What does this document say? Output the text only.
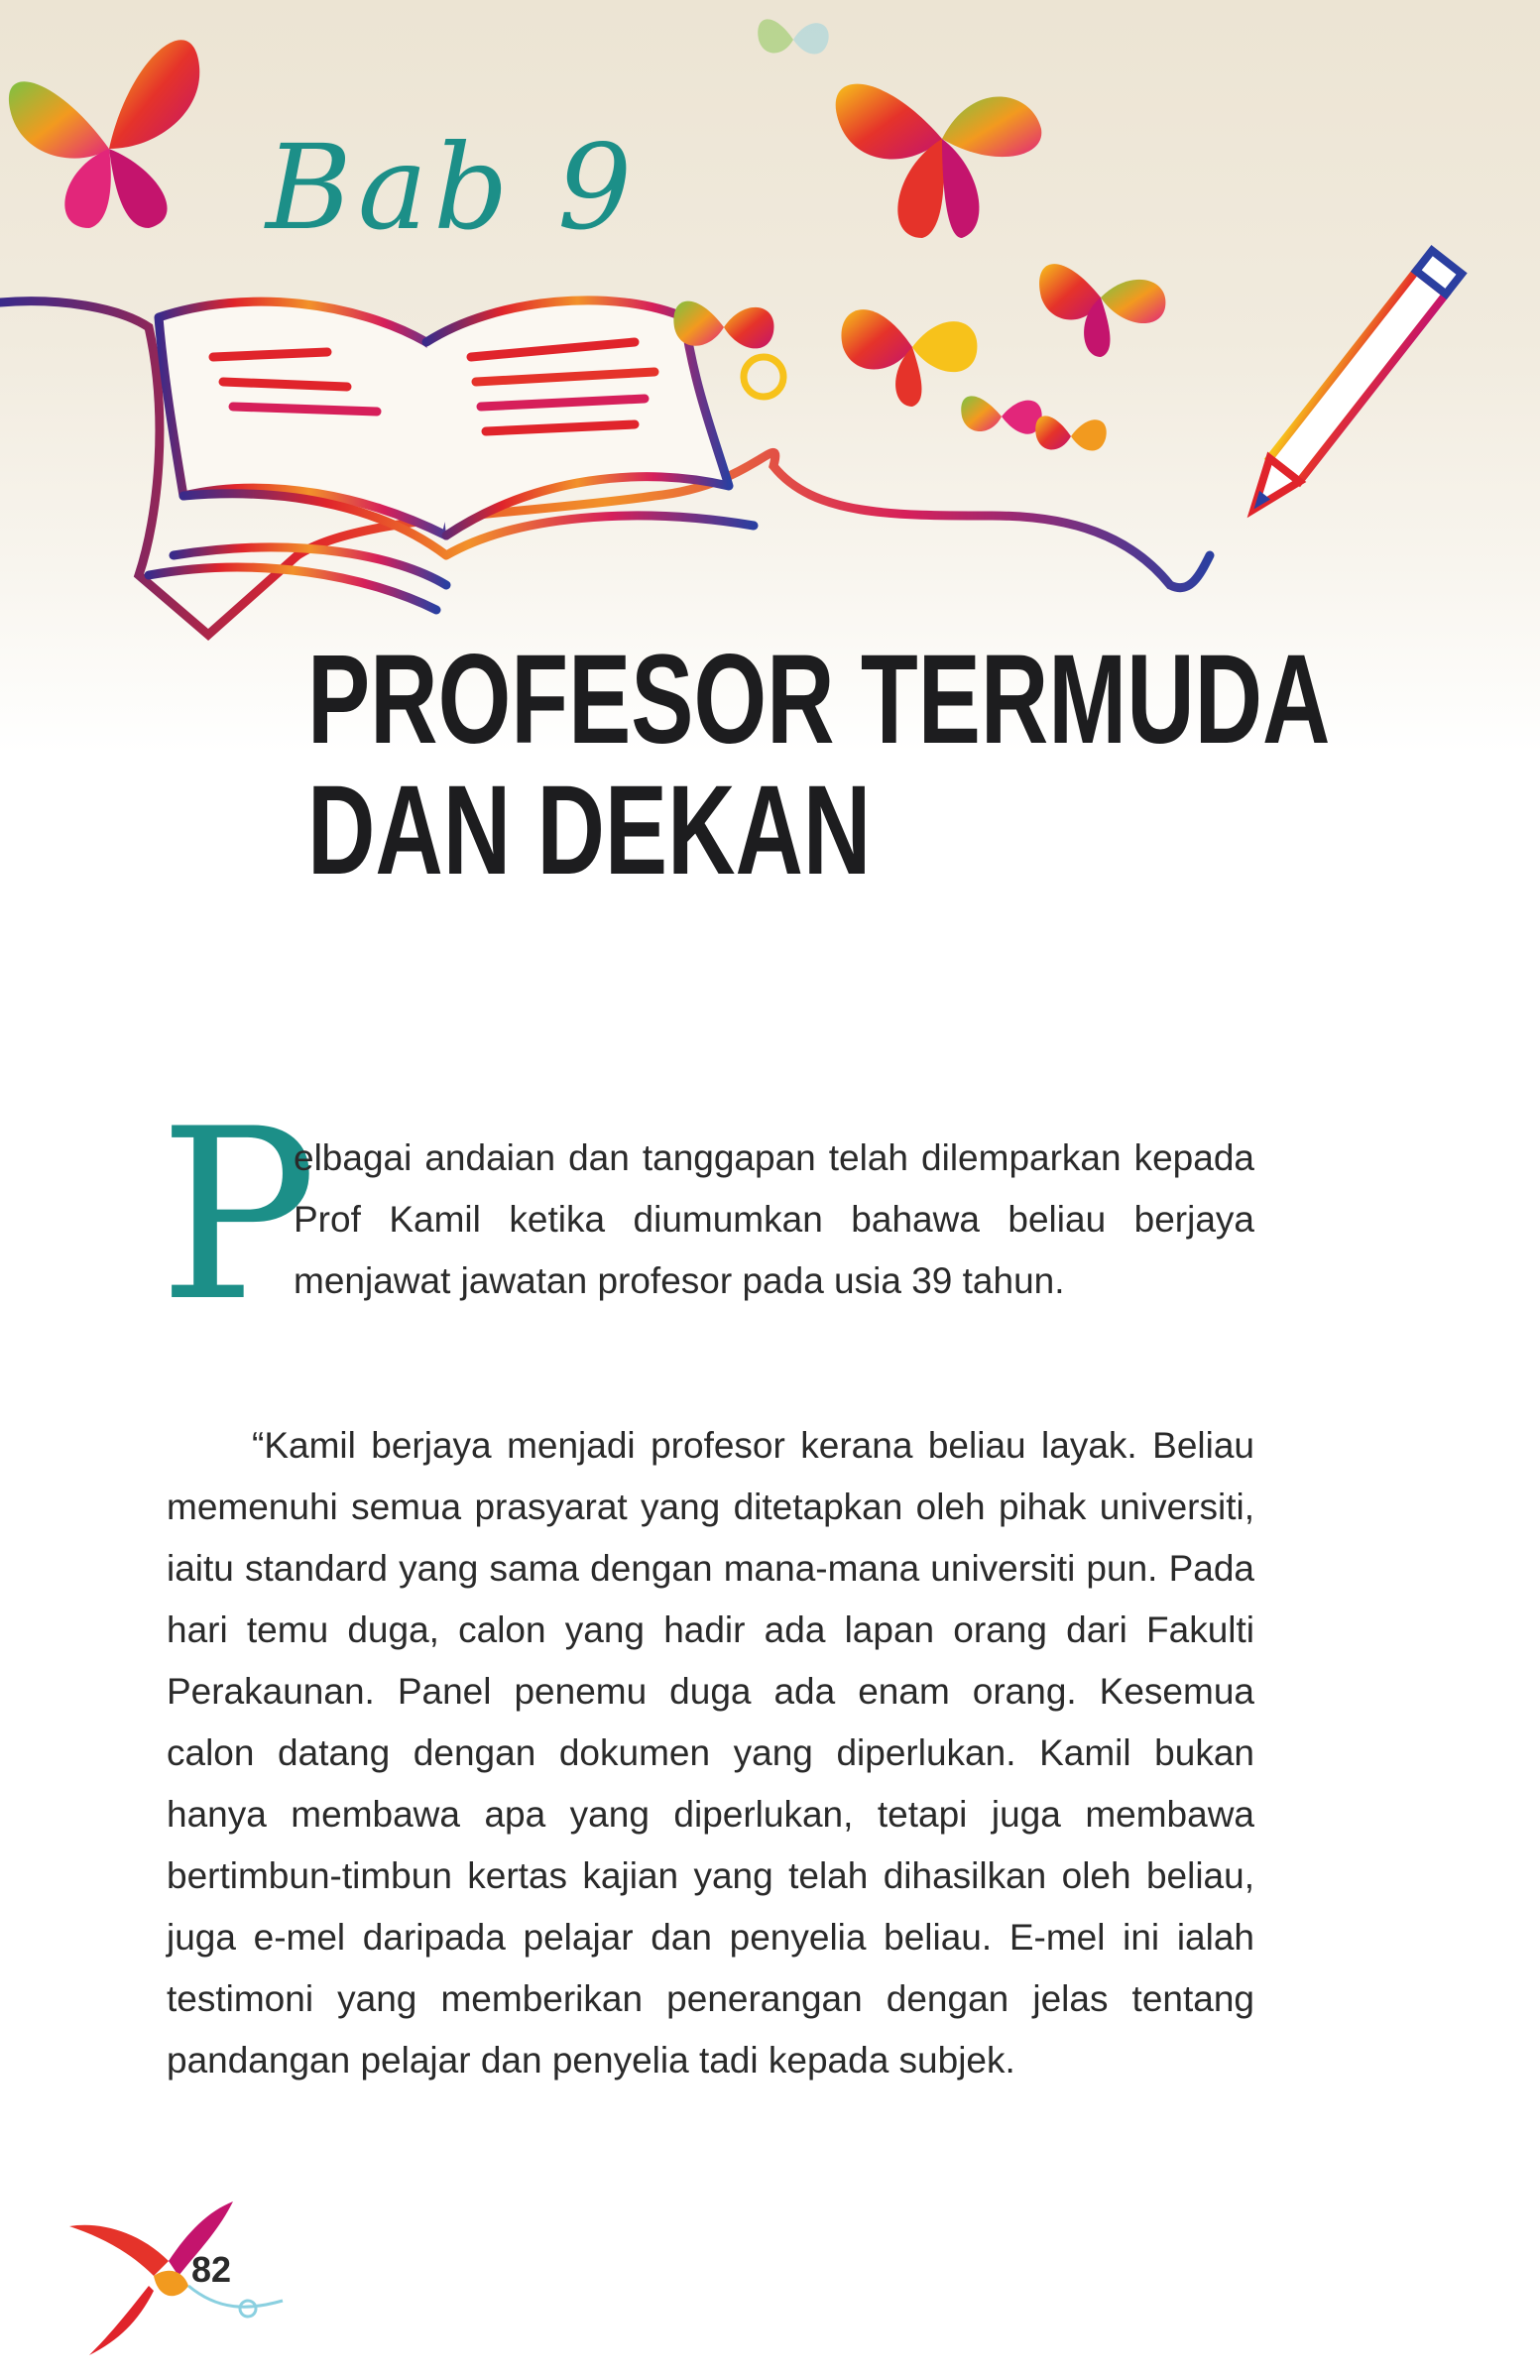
Bab 9
PROFESOR TERMUDA
DAN DEKAN
P
elbagai andaian dan tanggapan telah dilemparkan kepada Prof Kamil ketika diumumkan bahawa beliau berjaya menjawat jawatan profesor pada usia 39 tahun.

“Kamil berjaya menjadi profesor kerana beliau layak. Beliau memenuhi semua prasyarat yang ditetapkan oleh pihak universiti, iaitu standard yang sama dengan mana-mana universiti pun. Pada hari temu duga, calon yang hadir ada lapan orang dari Fakulti Perakaunan. Panel penemu duga ada enam orang. Kesemua calon datang dengan dokumen yang diperlukan. Kamil bukan hanya membawa apa yang diperlukan, tetapi juga membawa bertimbun-timbun kertas kajian yang telah dihasilkan oleh beliau, juga e-mel daripada pelajar dan penyelia beliau. E-mel ini ialah testimoni yang memberikan penerangan dengan jelas tentang pandangan pelajar dan penyelia tadi kepada subjek.

82
